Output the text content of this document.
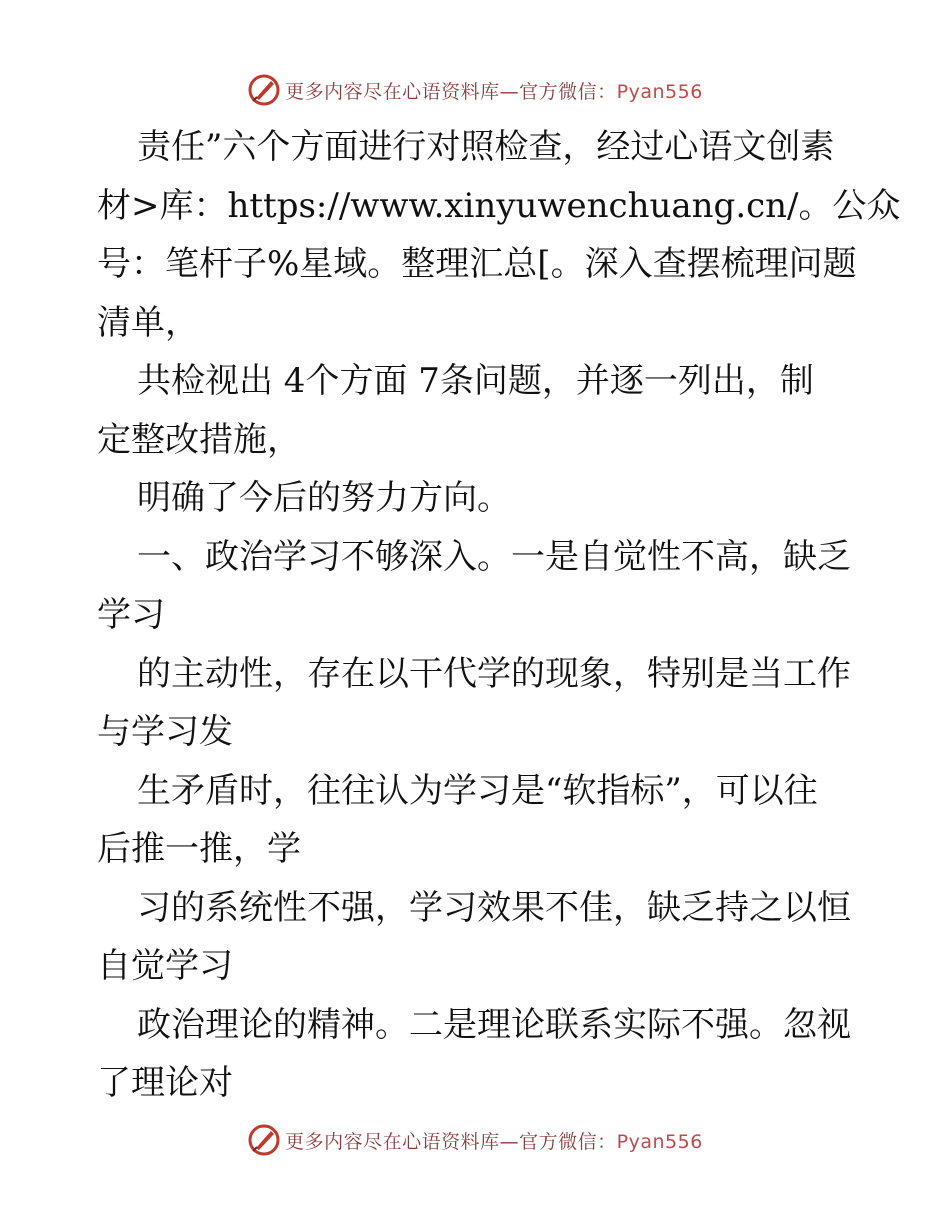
更多内容尽在心语资料库—官方微信：Pyan556
责任”六个方面进行对照检查，经过心语文创素
材>库：https://www.xinyuwenchuang.cn/。公众
号：笔杆子%星域。整理汇总[。深入查摆梳理问题
清单，
共检视出 4个方面 7条问题，并逐一列出，制
定整改措施，
明确了今后的努力方向。
一、政治学习不够深入。一是自觉性不高，缺乏
学习
的主动性，存在以干代学的现象，特别是当工作
与学习发
生矛盾时，往往认为学习是“软指标”，可以往
后推一推，学
习的系统性不强，学习效果不佳，缺乏持之以恒
自觉学习
政治理论的精神。二是理论联系实际不强。忽视
了理论对
更多内容尽在心语资料库—官方微信：Pyan556
